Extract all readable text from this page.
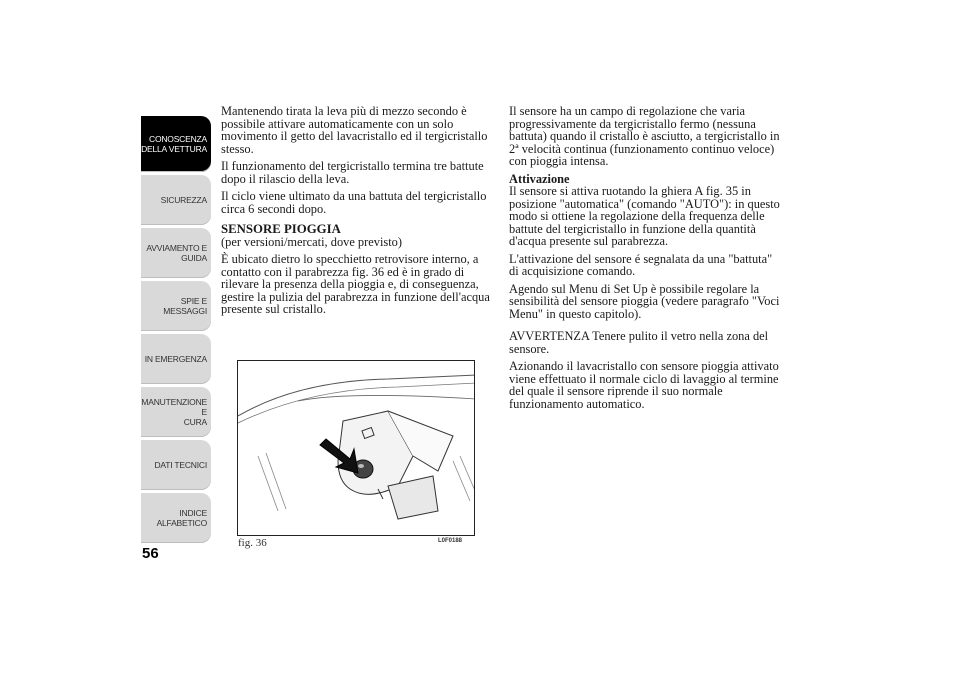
CONOSCENZA
DELLA VETTURA
SICUREZZA
AVVIAMENTO E
GUIDA
SPIE E MESSAGGI
IN EMERGENZA
MANUTENZIONE E
CURA
DATI TECNICI
INDICE
ALFABETICO
56

Mantenendo tirata la leva più di mezzo secondo è possibile attivare automaticamente con un solo movimento il getto del lavacristallo ed il tergicristallo stesso.

Il funzionamento del tergicristallo termina tre battute dopo il rilascio della leva.

Il ciclo viene ultimato da una battuta del tergicristallo circa 6 secondi dopo.

SENSORE PIOGGIA

(per versioni/mercati, dove previsto)

È ubicato dietro lo specchietto retrovisore interno, a contatto con il parabrezza fig. 36 ed è in grado di rilevare la presenza della pioggia e, di conseguenza, gestire la pulizia del parabrezza in funzione dell'acqua presente sul cristallo.

Il sensore ha un campo di regolazione che varia progressivamente da tergicristallo fermo (nessuna battuta) quando il cristallo è asciutto, a tergicristallo in 2ª velocità continua (funzionamento continuo veloce) con pioggia intensa.

Attivazione

Il sensore si attiva ruotando la ghiera A fig. 35 in posizione "automatica" (comando "AUTO"): in questo modo si ottiene la regolazione della frequenza delle battute del tergicristallo in funzione della quantità d'acqua presente sul parabrezza.

L'attivazione del sensore é segnalata da una "battuta" di acquisizione comando.

Agendo sul Menu di Set Up è possibile regolare la sensibilità del sensore pioggia (vedere paragrafo "Voci Menu" in questo capitolo).

AVVERTENZA Tenere pulito il vetro nella zona del sensore.

Azionando il lavacristallo con sensore pioggia attivato viene effettuato il normale ciclo di lavaggio al termine del quale il sensore riprende il suo normale funzionamento automatico.

fig. 36	L0F0188
